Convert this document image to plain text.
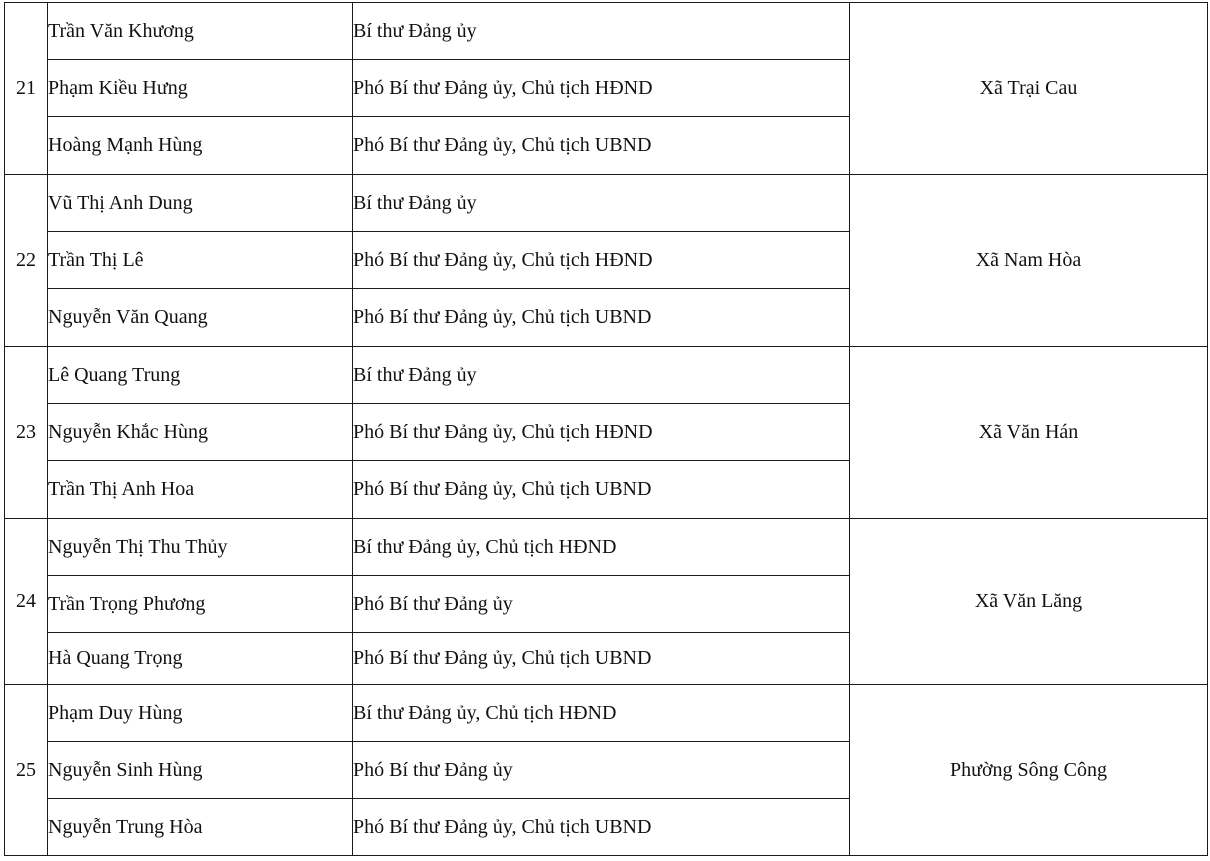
21	Trần Văn Khương	Bí thư Đảng ủy	Xã Trại Cau
	Phạm Kiều Hưng	Phó Bí thư Đảng ủy, Chủ tịch HĐND	
	Hoàng Mạnh Hùng	Phó Bí thư Đảng ủy, Chủ tịch UBND	
22	Vũ Thị Anh Dung	Bí thư Đảng ủy	Xã Nam Hòa
	Trần Thị Lê	Phó Bí thư Đảng ủy, Chủ tịch HĐND	
	Nguyễn Văn Quang	Phó Bí thư Đảng ủy, Chủ tịch UBND	
23	Lê Quang Trung	Bí thư Đảng ủy	Xã Văn Hán
	Nguyễn Khắc Hùng	Phó Bí thư Đảng ủy, Chủ tịch HĐND	
	Trần Thị Anh Hoa	Phó Bí thư Đảng ủy, Chủ tịch UBND	
24	Nguyễn Thị Thu Thủy	Bí thư Đảng ủy, Chủ tịch HĐND	Xã Văn Lăng
	Trần Trọng Phương	Phó Bí thư Đảng ủy	
	Hà Quang Trọng	Phó Bí thư Đảng ủy, Chủ tịch UBND	
25	Phạm Duy Hùng	Bí thư Đảng ủy, Chủ tịch HĐND	Phường Sông Công
	Nguyễn Sinh Hùng	Phó Bí thư Đảng ủy	
	Nguyễn Trung Hòa	Phó Bí thư Đảng ủy, Chủ tịch UBND	
